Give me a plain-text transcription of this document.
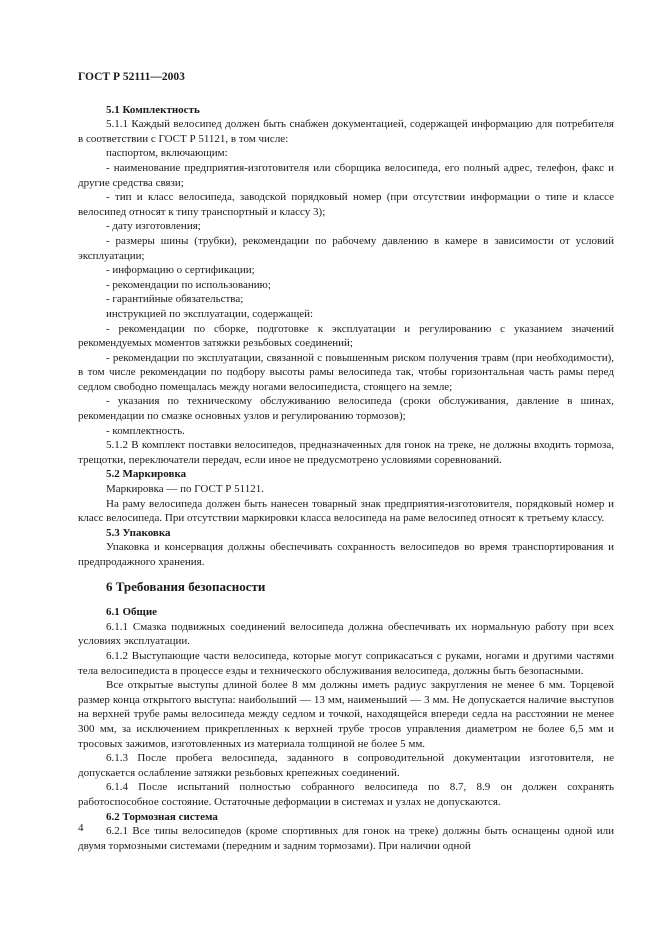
ГОСТ Р 52111—2003
5.1 Комплектность
5.1.1 Каждый велосипед должен быть снабжен документацией, содержащей информацию для потребителя в соответствии с ГОСТ Р 51121, в том числе:
паспортом, включающим:
- наименование предприятия-изготовителя или сборщика велосипеда, его полный адрес, телефон, факс и другие средства связи;
- тип и класс велосипеда, заводской порядковый номер (при отсутствии информации о типе и классе велосипед относят к типу транспортный и классу 3);
- дату изготовления;
- размеры шины (трубки), рекомендации по рабочему давлению в камере в зависимости от условий эксплуатации;
- информацию о сертификации;
- рекомендации по использованию;
- гарантийные обязательства;
инструкцией по эксплуатации, содержащей:
- рекомендации по сборке, подготовке к эксплуатации и регулированию с указанием значений рекомендуемых моментов затяжки резьбовых соединений;
- рекомендации по эксплуатации, связанной с повышенным риском получения травм (при необходимости), в том числе рекомендации по подбору высоты рамы велосипеда так, чтобы горизонтальная часть рамы перед седлом свободно помещалась между ногами велосипедиста, стоящего на земле;
- указания по техническому обслуживанию велосипеда (сроки обслуживания, давление в шинах, рекомендации по смазке основных узлов и регулированию тормозов);
- комплектность.
5.1.2 В комплект поставки велосипедов, предназначенных для гонок на треке, не должны входить тормоза, трещотки, переключатели передач, если иное не предусмотрено условиями соревнований.
5.2 Маркировка
Маркировка — по ГОСТ Р 51121.
На раму велосипеда должен быть нанесен товарный знак предприятия-изготовителя, порядковый номер и класс велосипеда. При отсутствии маркировки класса велосипеда на раме велосипед относят к третьему классу.
5.3 Упаковка
Упаковка и консервация должны обеспечивать сохранность велосипедов во время транспортирования и предпродажного хранения.
6 Требования безопасности
6.1 Общие
6.1.1 Смазка подвижных соединений велосипеда должна обеспечивать их нормальную работу при всех условиях эксплуатации.
6.1.2 Выступающие части велосипеда, которые могут соприкасаться с руками, ногами и другими частями тела велосипедиста в процессе езды и технического обслуживания велосипеда, должны быть безопасными.
Все открытые выступы длиной более 8 мм должны иметь радиус закругления не менее 6 мм. Торцевой размер конца открытого выступа: наибольший — 13 мм, наименьший — 3 мм. Не допускается наличие выступов на верхней трубе рамы велосипеда между седлом и точкой, находящейся впереди седла на расстоянии не менее 300 мм, за исключением прикрепленных к верхней трубе тросов управления диаметром не более 6,5 мм и тросовых зажимов, изготовленных из материала толщиной не более 5 мм.
6.1.3 После пробега велосипеда, заданного в сопроводительной документации изготовителя, не допускается ослабление затяжки резьбовых крепежных соединений.
6.1.4 После испытаний полностью собранного велосипеда по 8.7, 8.9 он должен сохранять работоспособное состояние. Остаточные деформации в системах и узлах не допускаются.
6.2 Тормозная система
6.2.1 Все типы велосипедов (кроме спортивных для гонок на треке) должны быть оснащены одной или двумя тормозными системами (передним и задним тормозами). При наличии одной
4
